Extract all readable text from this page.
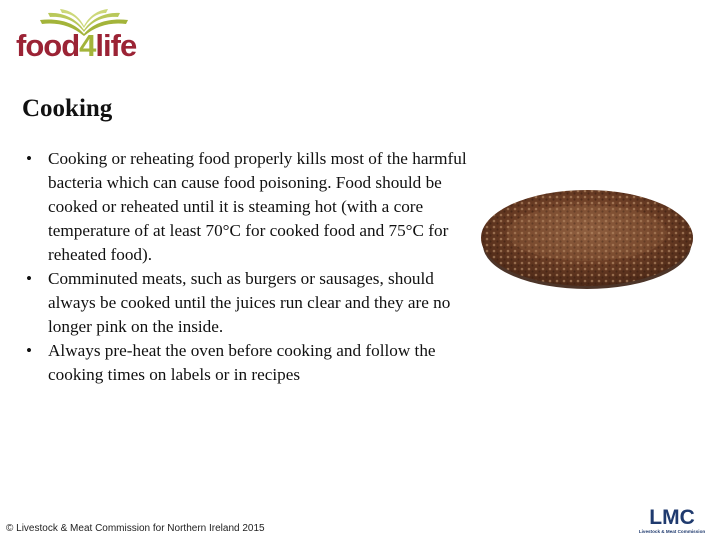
food4life
Cooking
• Cooking or reheating food properly kills most of the harmful bacteria which can cause food poisoning. Food should be cooked or reheated until it is steaming hot (with a core temperature of at least 70°C for cooked food and 75°C for reheated food).
• Comminuted meats, such as burgers or sausages, should always be cooked until the juices run clear and they are no longer pink on the inside.
• Always pre-heat the oven before cooking and follow the cooking times on labels or in recipes
© Livestock & Meat Commission for Northern Ireland 2015	LMC
Livestock & Meat Commission
